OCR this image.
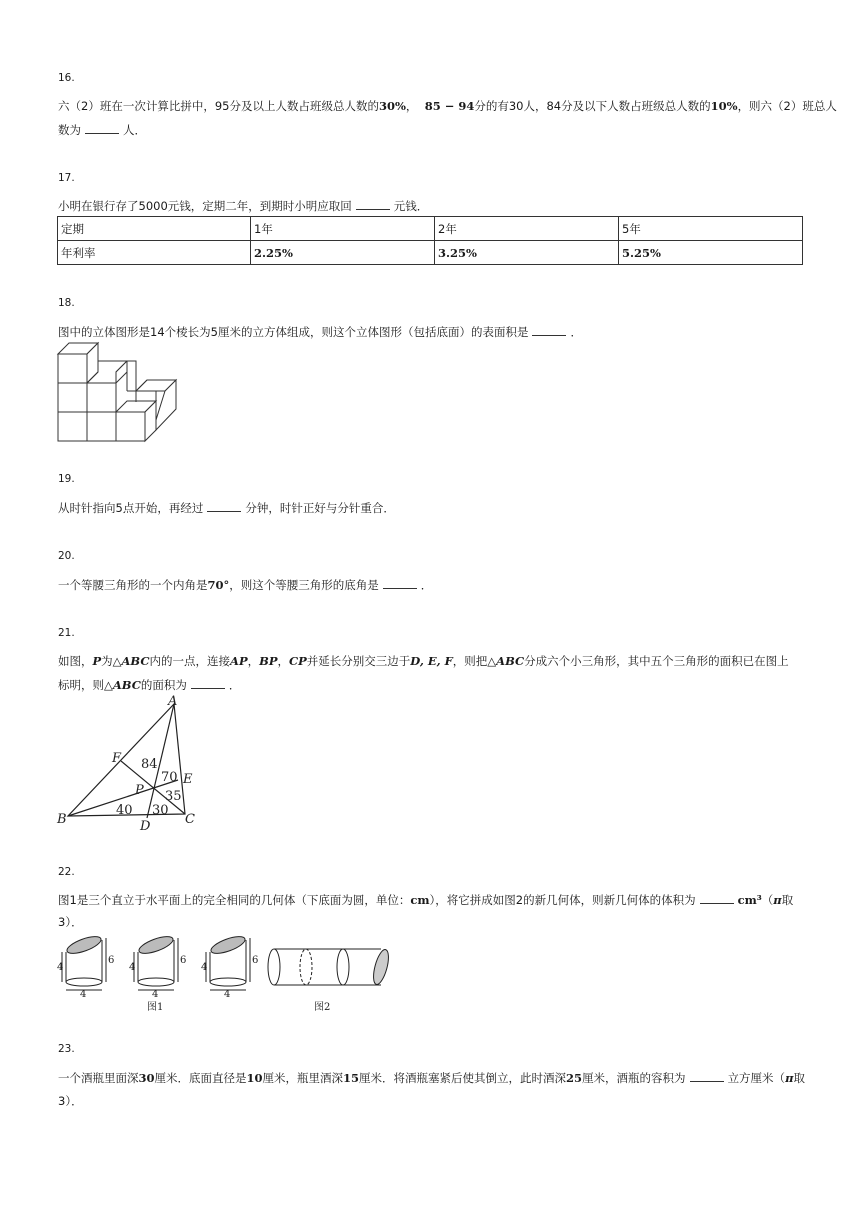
16.
六（2）班在一次计算比拼中，95分及以上人数占班级总人数的30%， 85 − 94分的有30人，84分及以下人数占班级总人数的10%，则六（2）班总人
数为	人．
17.
小明在银行存了5000元钱，定期二年，到期时小明应取回	元钱．
定期	1年	2年	5年
年利率	2.25%	3.25%	5.25%
18.
图中的立体图形是14个棱长为5厘米的立方体组成，则这个立体图形（包括底面）的表面积是	．
19.
从时针指向5点开始，再经过	分钟，时针正好与分针重合．
20.
一个等腰三角形的一个内角是70°，则这个等腰三角形的底角是	．
21.
如图，P为△ABC内的一点，连接AP，BP，CP并延长分别交三边于D, E, F，则把△ABC分成六个小三角形，其中五个三角形的面积已在图上
标明，则△ABC的面积为	．
A
B	C
D
E
F
P
84
70
35
40 30
22.
图1是三个直立于水平面上的完全相同的几何体（下底面为圆，单位：cm），将它拼成如图2的新几何体，则新几何体的体积为	cm³（π取
3）．
4
6
4
4
6
4
4
6
4
图1	图2
23.
一个酒瓶里面深30厘米．底面直径是10厘米，瓶里酒深15厘米．将酒瓶塞紧后使其倒立，此时酒深25厘米，酒瓶的容积为	立方厘米（π取
3）．
